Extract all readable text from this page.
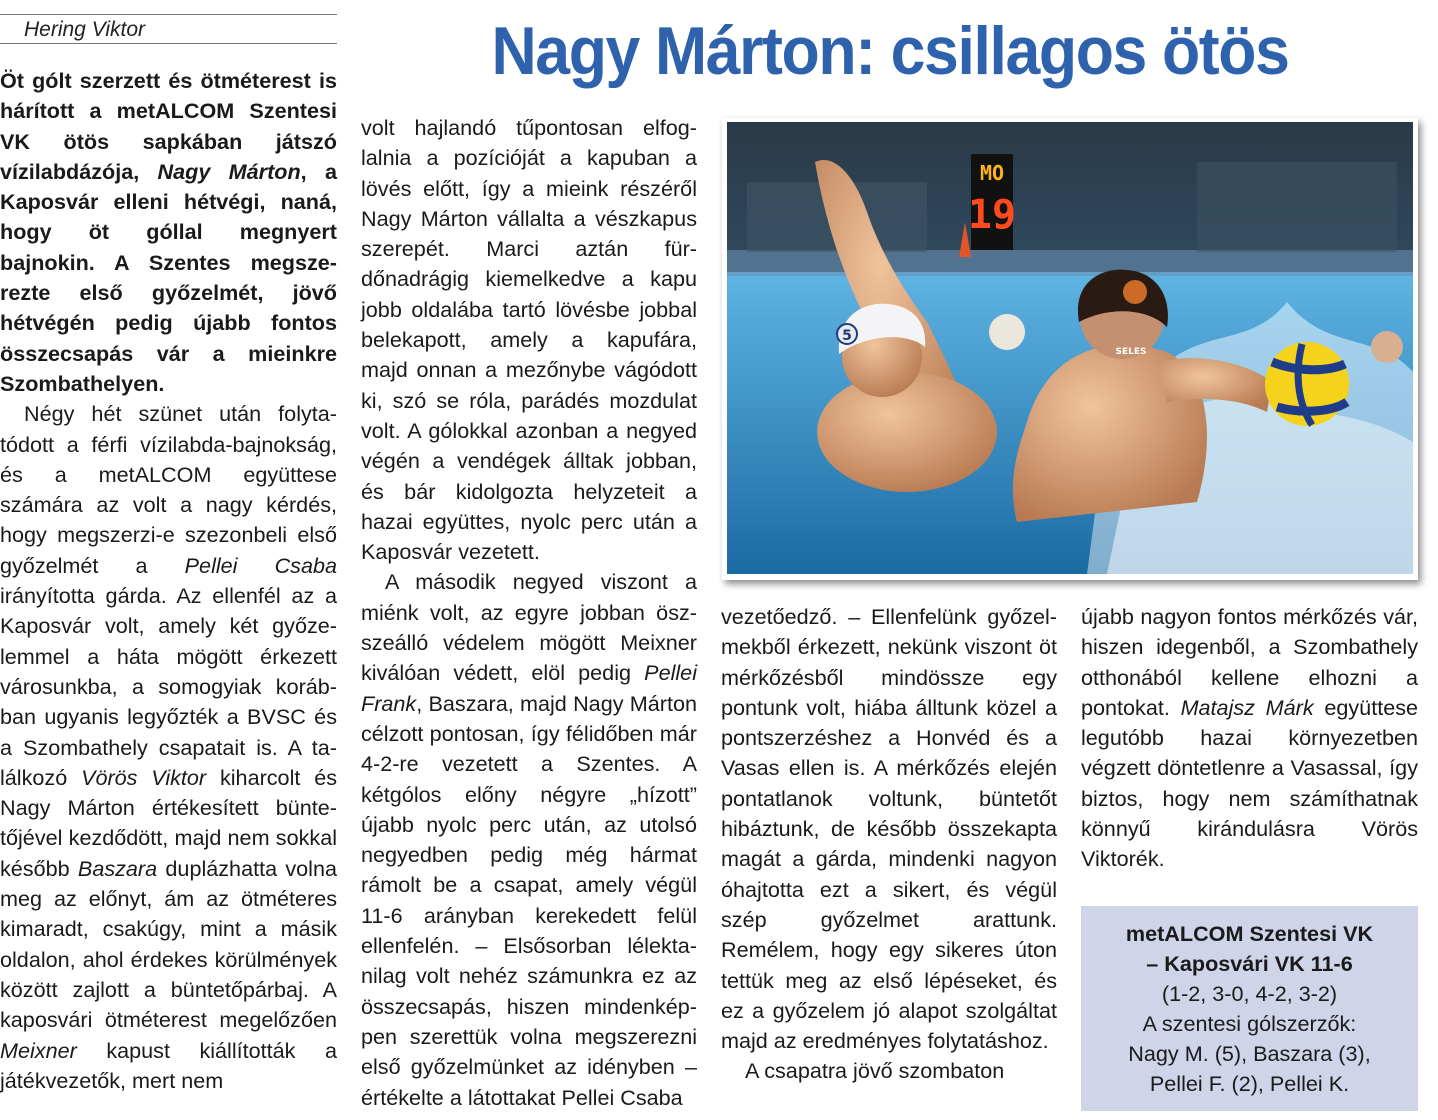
Hering Viktor	Nagy Márton: csillagos ötös

Öt gólt szerzett és ötméterest is hárított a metALCOM Szentesi VK ötös sapkában játszó vízilabdázója, Nagy Márton, a Kaposvár elleni hétvégi, naná, hogy öt góllal megnyert bajnokin. A Szentes megszerezte első győzelmét, jövő hétvégén pedig újabb fontos összecsapás vár a mieinkre Szombathelyen.

Négy hét szünet után folytatódott a férfi vízilabda-bajnokság, és a metALCOM együttese számára az volt a nagy kérdés, hogy megszerzi-e szezonbeli első győzelmét a Pellei Csaba irányította gárda. Az ellenfél az a Kaposvár volt, amely két győzelemmel a háta mögött érkezett városunkba, a somogyiak korábban ugyanis legyőzték a BVSC és a Szombathely csapatait is. A találkozó Vörös Viktor kiharcolt és Nagy Márton értékesített büntetőjével kezdődött, majd nem sokkal később Baszara duplázhatta volna meg az előnyt, ám az ötméteres kimaradt, csakúgy, mint a másik oldalon, ahol érdekes körülmények között zajlott a büntetőpárbaj. A kaposvári ötméterest megelőzően Meixner kapust kiállították a játékvezetők, mert nem

volt hajlandó tűpontosan elfoglalnia a pozícióját a kapuban a lövés előtt, így a mieink részéről Nagy Márton vállalta a vészkapus szerepét. Marci aztán fürdőnadrágig kiemelkedve a kapu jobb oldalába tartó lövésbe jobbal belekapott, amely a kapufára, majd onnan a mezőnybe vágódott ki, szó se róla, parádés mozdulat volt. A gólokkal azonban a negyed végén a vendégek álltak jobban, és bár kidolgozta helyzeteit a hazai együttes, nyolc perc után a Kaposvár vezetett.

A második negyed viszont a miénk volt, az egyre jobban öszszeálló védelem mögött Meixner kiválóan védett, elöl pedig Pellei Frank, Baszara, majd Nagy Márton célzott pontosan, így félidőben már 4-2-re vezetett a Szentes. A kétgólos előny négyre „hízott” újabb nyolc perc után, az utolsó negyedben pedig még hármat rámolt be a csapat, amely végül 11-6 arányban kerekedett felül ellenfelén. – Elsősorban lélektanilag volt nehéz számunkra ez az összecsapás, hiszen mindenképpen szerettük volna megszerezni első győzelmünket az idényben – értékelte a látottakat Pellei Csaba

MO
19
5
SELES

vezetőedző. – Ellenfelünk győzelmekből érkezett, nekünk viszont öt mérkőzésből mindössze egy pontunk volt, hiába álltunk közel a pontszerzéshez a Honvéd és a Vasas ellen is. A mérkőzés elején pontatlanok voltunk, büntetőt hibáztunk, de később összekapta magát a gárda, mindenki nagyon óhajtotta ezt a sikert, és végül szép győzelmet arattunk. Remélem, hogy egy sikeres úton tettük meg az első lépéseket, és ez a győzelem jó alapot szolgáltat majd az eredményes folytatáshoz.

A csapatra jövő szombaton

újabb nagyon fontos mérkőzés vár, hiszen idegenből, a Szombathely otthonából kellene elhozni a pontokat. Matajsz Márk együttese legutóbb hazai környezetben végzett döntetlenre a Vasassal, így biztos, hogy nem számíthatnak könnyű kirándulásra Vörös Viktorék.

metALCOM Szentesi VK
– Kaposvári VK 11-6
(1-2, 3-0, 4-2, 3-2)
A szentesi gólszerzők:
Nagy M. (5), Baszara (3),
Pellei F. (2), Pellei K.
